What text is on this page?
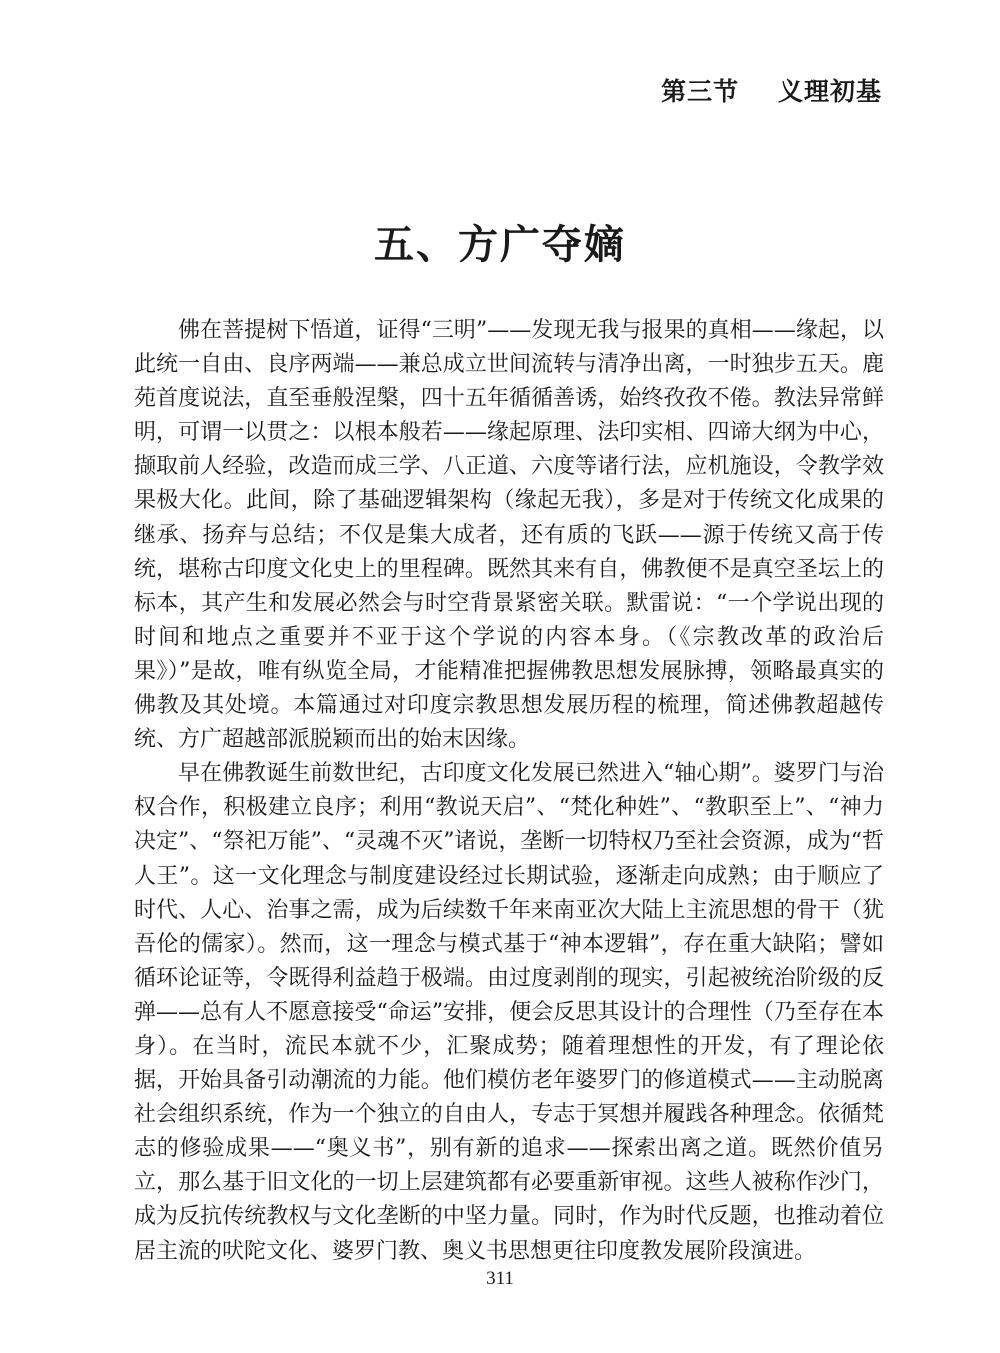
第三节    义理初基
五、方广夺嫡

佛在菩提树下悟道，证得“三明”——发现无我与报果的真相——缘起，以此统一自由、良序两端——兼总成立世间流转与清净出离，一时独步五天。鹿苑首度说法，直至垂般涅槃，四十五年循循善诱，始终孜孜不倦。教法异常鲜明，可谓一以贯之：以根本般若——缘起原理、法印实相、四谛大纲为中心，撷取前人经验，改造而成三学、八正道、六度等诸行法，应机施设，令教学效果极大化。此间，除了基础逻辑架构（缘起无我），多是对于传统文化成果的继承、扬弃与总结；不仅是集大成者，还有质的飞跃——源于传统又高于传统，堪称古印度文化史上的里程碑。既然其来有自，佛教便不是真空圣坛上的标本，其产生和发展必然会与时空背景紧密关联。默雷说：“一个学说出现的时间和地点之重要并不亚于这个学说的内容本身。（《宗教改革的政治后果》）”是故，唯有纵览全局，才能精准把握佛教思想发展脉搏，领略最真实的佛教及其处境。本篇通过对印度宗教思想发展历程的梳理，简述佛教超越传统、方广超越部派脱颖而出的始末因缘。

早在佛教诞生前数世纪，古印度文化发展已然进入“轴心期”。婆罗门与治权合作，积极建立良序；利用“教说天启”、“梵化种姓”、“教职至上”、“神力决定”、“祭祀万能”、“灵魂不灭”诸说，垄断一切特权乃至社会资源，成为“哲人王”。这一文化理念与制度建设经过长期试验，逐渐走向成熟；由于顺应了时代、人心、治事之需，成为后续数千年来南亚次大陆上主流思想的骨干（犹吾伦的儒家）。然而，这一理念与模式基于“神本逻辑”，存在重大缺陷；譬如循环论证等，令既得利益趋于极端。由过度剥削的现实，引起被统治阶级的反弹——总有人不愿意接受“命运”安排，便会反思其设计的合理性（乃至存在本身）。在当时，流民本就不少，汇聚成势；随着理想性的开发，有了理论依据，开始具备引动潮流的力能。他们模仿老年婆罗门的修道模式——主动脱离社会组织系统，作为一个独立的自由人，专志于冥想并履践各种理念。依循梵志的修验成果——“奥义书”，别有新的追求——探索出离之道。既然价值另立，那么基于旧文化的一切上层建筑都有必要重新审视。这些人被称作沙门，成为反抗传统教权与文化垄断的中坚力量。同时，作为时代反题，也推动着位居主流的吠陀文化、婆罗门教、奥义书思想更往印度教发展阶段演进。

311
